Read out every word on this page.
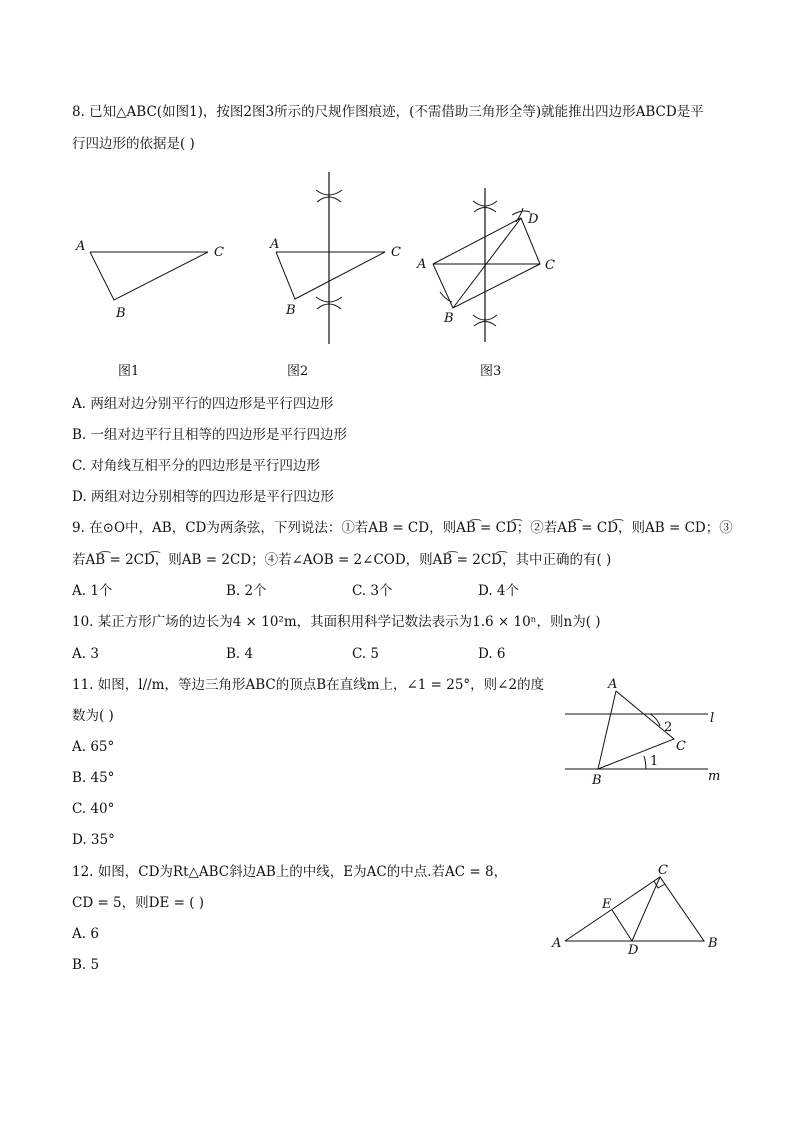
8. 已知△ABC(如图1)，按图2图3所示的尺规作图痕迹，(不需借助三角形全等)就能推出四边形ABCD是平
行四边形的依据是( )
A	C
B
A
C
B
A	C
D
B
A
C
B
l
m
1
2
A	B
C
D
E
图1	图2	图3
A. 两组对边分别平行的四边形是平行四边形
B. 一组对边平行且相等的四边形是平行四边形
C. 对角线互相平分的四边形是平行四边形
D. 两组对边分别相等的四边形是平行四边形
9. 在⊙O中，AB，CD为两条弦，下列说法：①若AB = CD，则AB͡ = CD͡；②若AB͡ = CD͡，则AB = CD；③
若AB͡ = 2CD͡，则AB = 2CD；④若∠AOB = 2∠COD，则AB͡ = 2CD͡，其中正确的有( )
A. 1个	B. 2个	C. 3个	D. 4个
10. 某正方形广场的边长为4 × 10²m，其面积用科学记数法表示为1.6 × 10ⁿ，则n为( )
A. 3	B. 4	C. 5	D. 6
11. 如图，l//m，等边三角形ABC的顶点B在直线m上，∠1 = 25°，则∠2的度
数为( )
A. 65°
B. 45°
C. 40°
D. 35°
12. 如图，CD为Rt△ABC斜边AB上的中线，E为AC的中点.若AC = 8，
CD = 5，则DE = ( )
A. 6
B. 5
